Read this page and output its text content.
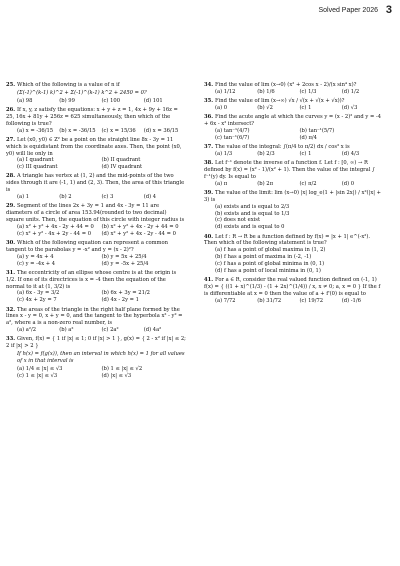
Solved Paper 2026 3
25. Which of the following is a value of n if
(Σ(-1)^(k-1) k)^2 + Σ(-1)^(k-1) k^2 + 2450 = 0?
(a) 98	(b) 99	(c) 100	(d) 101
26. If x, y, z satisfy the equations: x + y + z = 1, 4x + 9y + 16z = 25, 16x + 81y + 256z = 625 simultaneously, then which of the following is true?
(a) x = -36/15	(b) x = -36/15	(c) x = 15/36	(d) x = 36/15
27. Let (x0, y0) ∈ Z² be a point on the straight line 8x - 3y = 11 which is equidistant from the coordinate axes. Then, the point (x0, y0) will lie only in
(a) I quadrant	(b) II quadrant
(c) III quadrant	(d) IV quadrant
28. A triangle has vertex at (1, 2) and the mid-points of the two sides through it are (-1, 1) and (2, 3). Then, the area of this triangle is
(a) 1	(b) 2	(c) 3	(d) 4
29. Segment of the lines 2x + 3y = 1 and 4x - 3y = 11 are diameters of a circle of area 153.94(rounded to two decimal) square units. Then, the equation of this circle with integer radius is
(a) x² + y² + 4x - 2y + 44 = 0	(b) x² + y² + 4x - 2y + 44 = 0
(c) x² + y² - 4x + 2y - 44 = 0	(d) x² + y² + 4x - 2y - 44 = 0
30. Which of the following equation can represent a common tangent to the parabolas y = -x² and y = (x - 2)²?
(a) y = 4x + 4	(b) y = 5x + 25/4
(c) y = -4x + 4	(d) y = -5x + 25/4
31. The eccentricity of an ellipse whose centre is at the origin is 1/2. If one of its directrices is x = -4 then the equation of the normal to it at (1, 3/2) is
(a) 6x - 3y = 3/2	(b) 6x + 3y = 21/2
(c) 4x + 2y = 7	(d) 4x - 2y = 1
32. The areas of the triangle in the right half plane formed by the lines x - y = 0, x + y = 0, and the tangent to the hyperbola x² - y² = a², where a is a non-zero real number, is
(a) a²/2	(b) a²	(c) 2a²	(d) 4a²
33. Given, f(x) = { 1 if |x| ≤ 1; 0 if |x| > 1 }, g(x) = { 2 - x² if |x| ≤ 2; 2 if |x| > 2 }
If h(x) = f(g(x)), then an interval in which h(x) = 1 for all values of x in that interval is
(a) 1/4 ≤ |x| ≤ √3	(b) 1 ≤ |x| ≤ √2
(c) 1 ≤ |x| ≤ √3	(d) |x| ≤ √3
34. Find the value of lim (x→0) (x² + 2cos x - 2)/(x sin⁴ x)?
(a) 1/12	(b) 1/6	(c) 1/3	(d) 1/2
35. Find the value of lim (x→∞) √x / √(x + √(x + √x))?
(a) 0	(b) √2	(c) 1	(d) √3
36. Find the acute angle at which the curves y = (x - 2)² and y = -4 + 6x - x² intersect?
(a) tan⁻¹(4/7)	(b) tan⁻¹(5/7)
(c) tan⁻¹(6/7)	(d) π/4
37. The value of the integral: ∫(π/4 to π/2) dx / cos³ x is
(a) 1/3	(b) 2/3	(c) 1	(d) 4/3
38. Let f⁻¹ denote the inverse of a function f. Let f : [0, ∞) → R defined by f(x) = (x² - 1)/(x² + 1). Then the value of the integral ∫ f⁻¹(y) dy. Is equal to
(a) π	(b) 2π	(c) π/2	(d) 0
39. The value of the limit: lim (x→0) |x| log_e(1 + |sin 2x|) / x²(|x| + 3) is
(a) exists and is equal to 2/3
(b) exists and is equal to 1/3
(c) does not exist
(d) exists and is equal to 0
40. Let f : R → R be a function defined by f(x) = |x + 1| e^(-x²). Then which of the following statement is true?
(a) f has a point of global maxima in (1, 2)
(b) f has a point of maxima in (-2, -1)
(c) f has a point of global minima in (0, 1)
(d) f has a point of local minima in (0, 1)
41. For a ∈ R, consider the real valued function defined on (-1, 1) f(x) = { ((1 + x)^(1/3) - (1 + 2x)^(1/4)) / x, x ≠ 0; a, x = 0 } If the f is differentiable at x = 0 then the value of a + f'(0) is equal to
(a) 7/72	(b) 31/72	(c) 19/72	(d) -1/6
